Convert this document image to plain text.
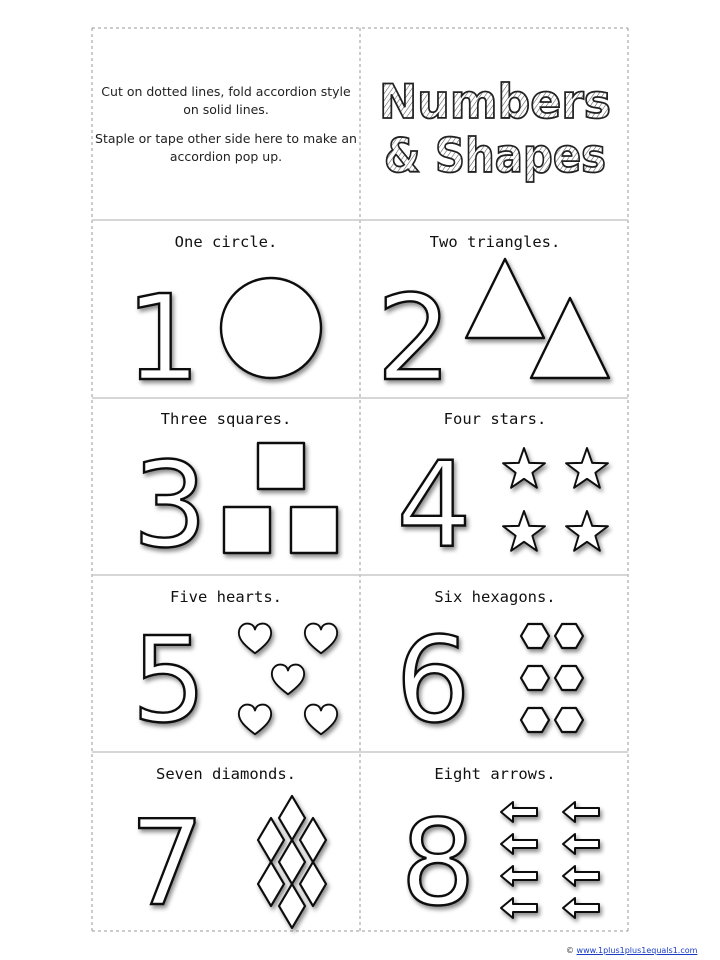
Numbers
& Shapes
1 2
3 4
5 6
7 8
Cut on dotted lines, fold accordion style on solid lines.
Staple or tape other side here to make an accordion pop up.
One circle.	Two triangles.
Three squares.	Four stars.
Five hearts.	Six hexagons.
Seven diamonds.	Eight arrows.
© www.1plus1plus1equals1.com
